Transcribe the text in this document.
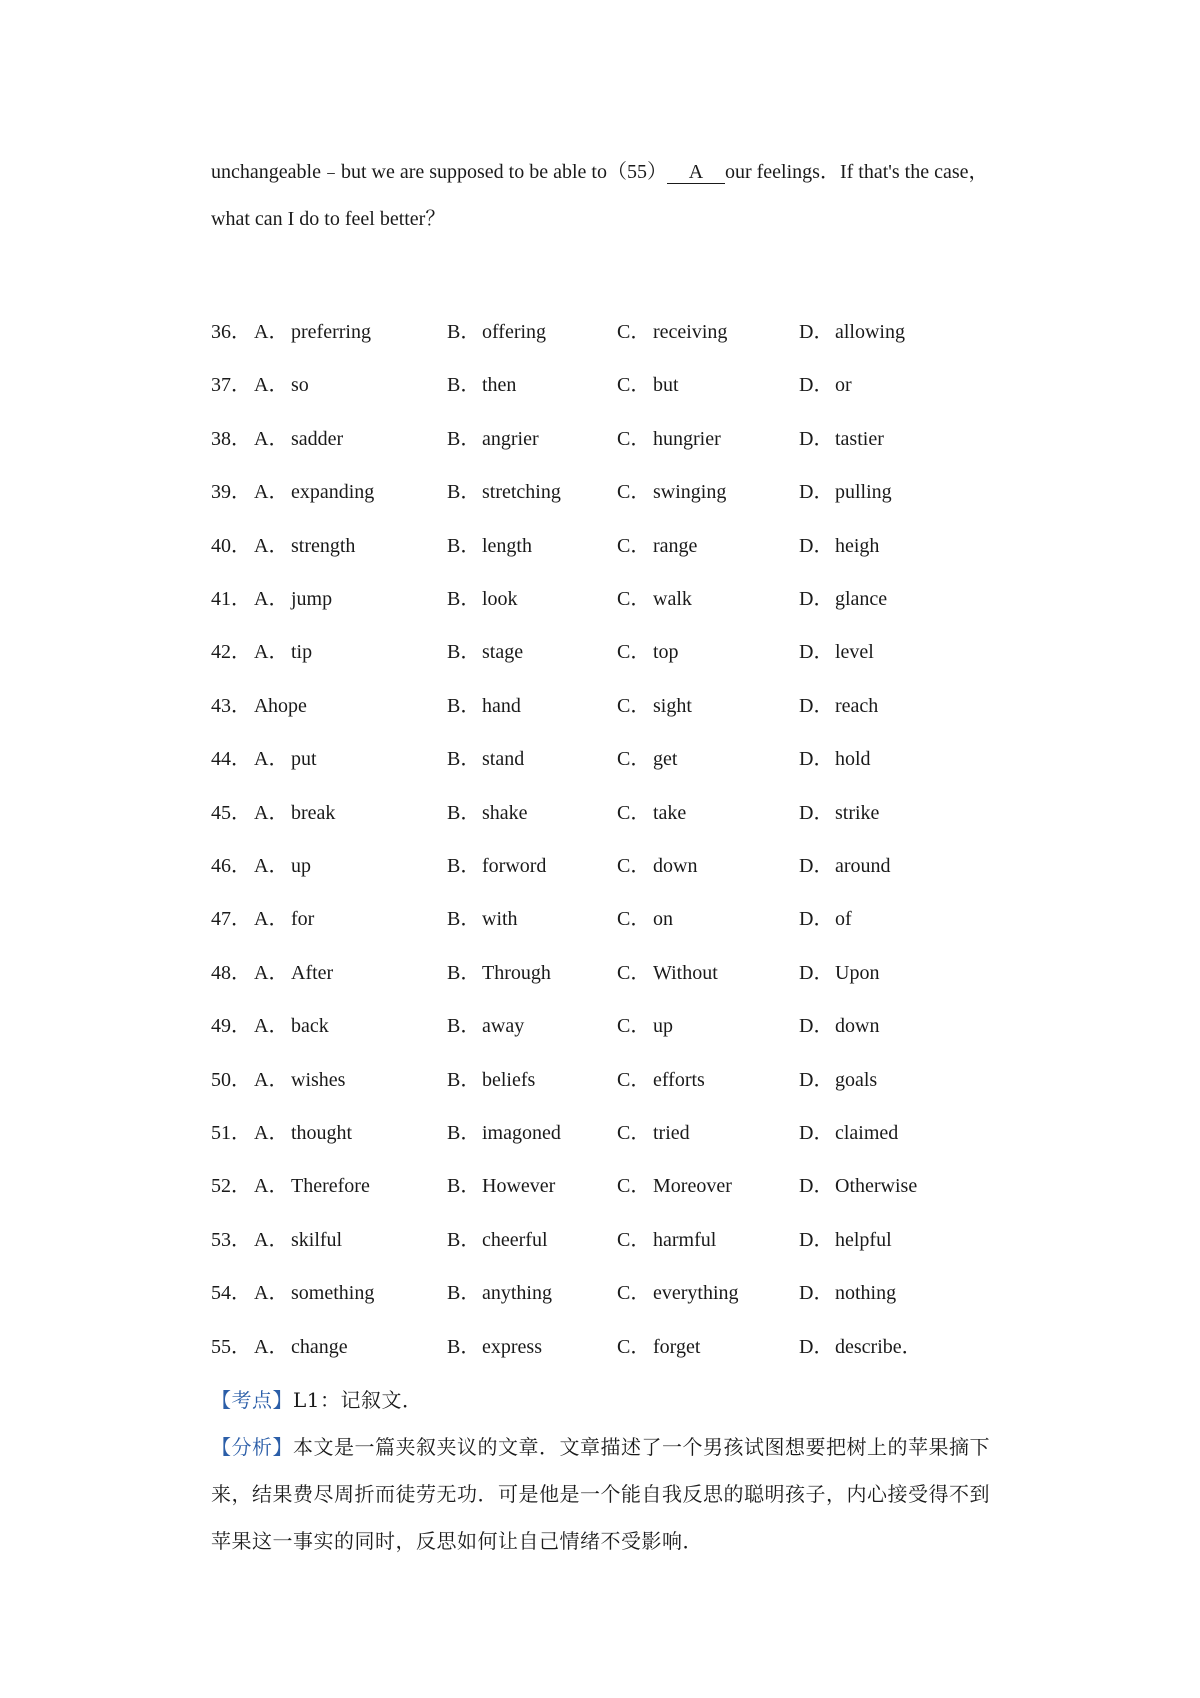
unchangeable﹣but we are supposed to be able to（55） A our feelings．If that's the case，
what can I do to feel better？
36． A． preferring	B． offering	C． receiving	D． allowing
37． A． so	B． then	C． but	D． or
38． A． sadder	B． angrier	C． hungrier	D． tastier
39． A． expanding	B． stretching	C． swinging	D． pulling
40． A． strength	B． length	C． range	D． heigh
41． A． jump	B． look	C． walk	D． glance
42． A． tip	B． stage	C． top	D． level
43． A hope	B． hand	C． sight	D． reach
44． A． put	B． stand	C． get	D． hold
45． A． break	B． shake	C． take	D． strike
46． A． up	B． forword	C． down	D． around
47． A． for	B． with	C． on	D． of
48． A． After	B． Through	C． Without	D． Upon
49． A． back	B． away	C． up	D． down
50． A． wishes	B． beliefs	C． efforts	D． goals
51． A． thought	B． imagoned	C． tried	D． claimed
52． A． Therefore	B． However	C． Moreover	D． Otherwise
53． A． skilful	B． cheerful	C． harmful	D． helpful
54． A． something	B． anything	C． everything	D． nothing
55． A． change	B． express	C． forget	D． describe．
【考点】L1：记叙文．
【分析】本文是一篇夹叙夹议的文章．文章描述了一个男孩试图想要把树上的苹果摘下
来，结果费尽周折而徒劳无功．可是他是一个能自我反思的聪明孩子，内心接受得不到
苹果这一事实的同时，反思如何让自己情绪不受影响．
